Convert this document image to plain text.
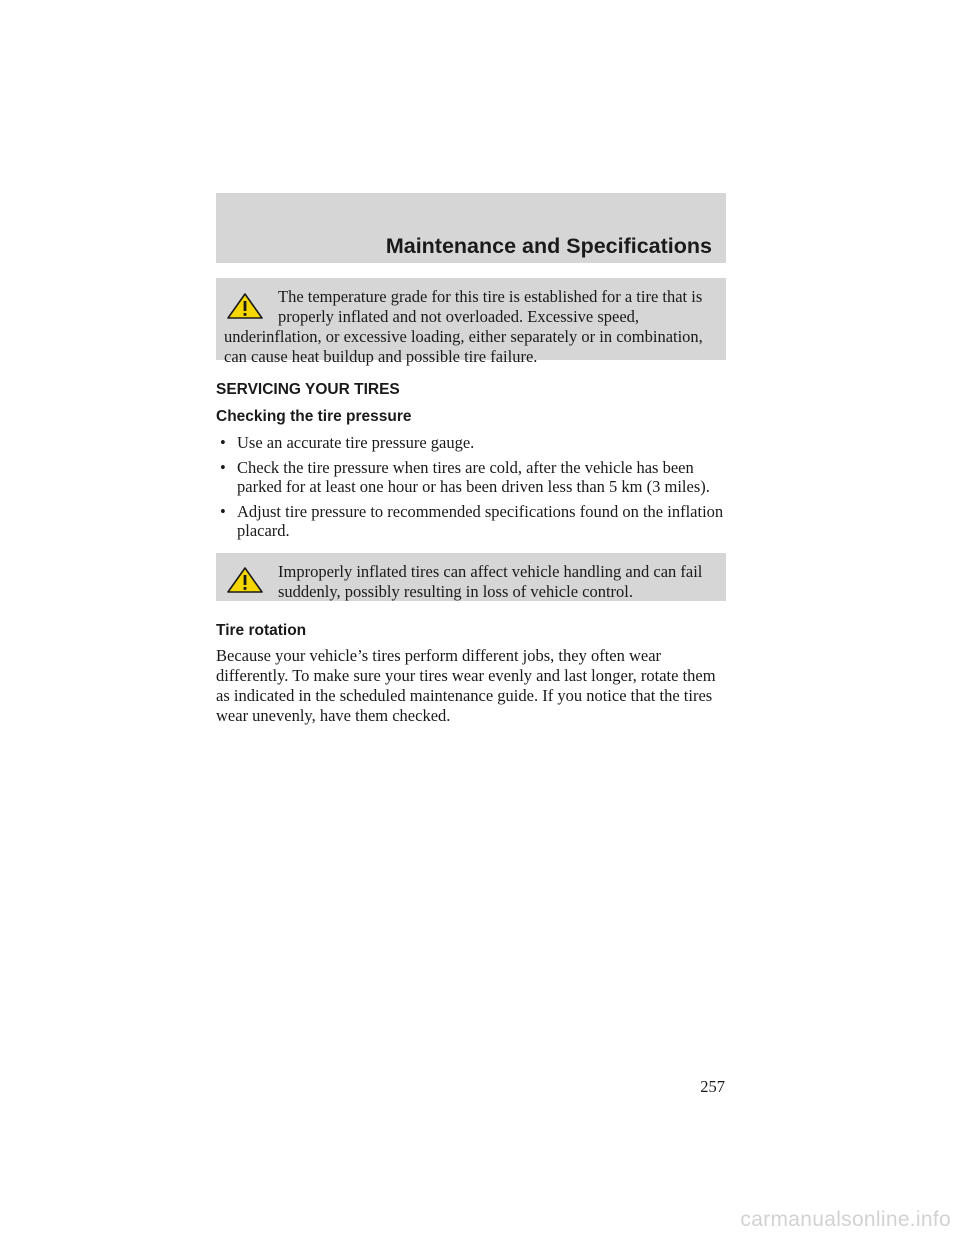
Maintenance and Specifications

The temperature grade for this tire is established for a tire that is properly inflated and not overloaded. Excessive speed, underinflation, or excessive loading, either separately or in combination, can cause heat buildup and possible tire failure.

SERVICING YOUR TIRES
Checking the tire pressure
• Use an accurate tire pressure gauge.
• Check the tire pressure when tires are cold, after the vehicle has been parked for at least one hour or has been driven less than 5 km (3 miles).
• Adjust tire pressure to recommended specifications found on the inflation placard.

Improperly inflated tires can affect vehicle handling and can fail suddenly, possibly resulting in loss of vehicle control.

Tire rotation

Because your vehicle’s tires perform different jobs, they often wear differently. To make sure your tires wear evenly and last longer, rotate them as indicated in the scheduled maintenance guide. If you notice that the tires wear unevenly, have them checked.

257
carmanualsonline.info
